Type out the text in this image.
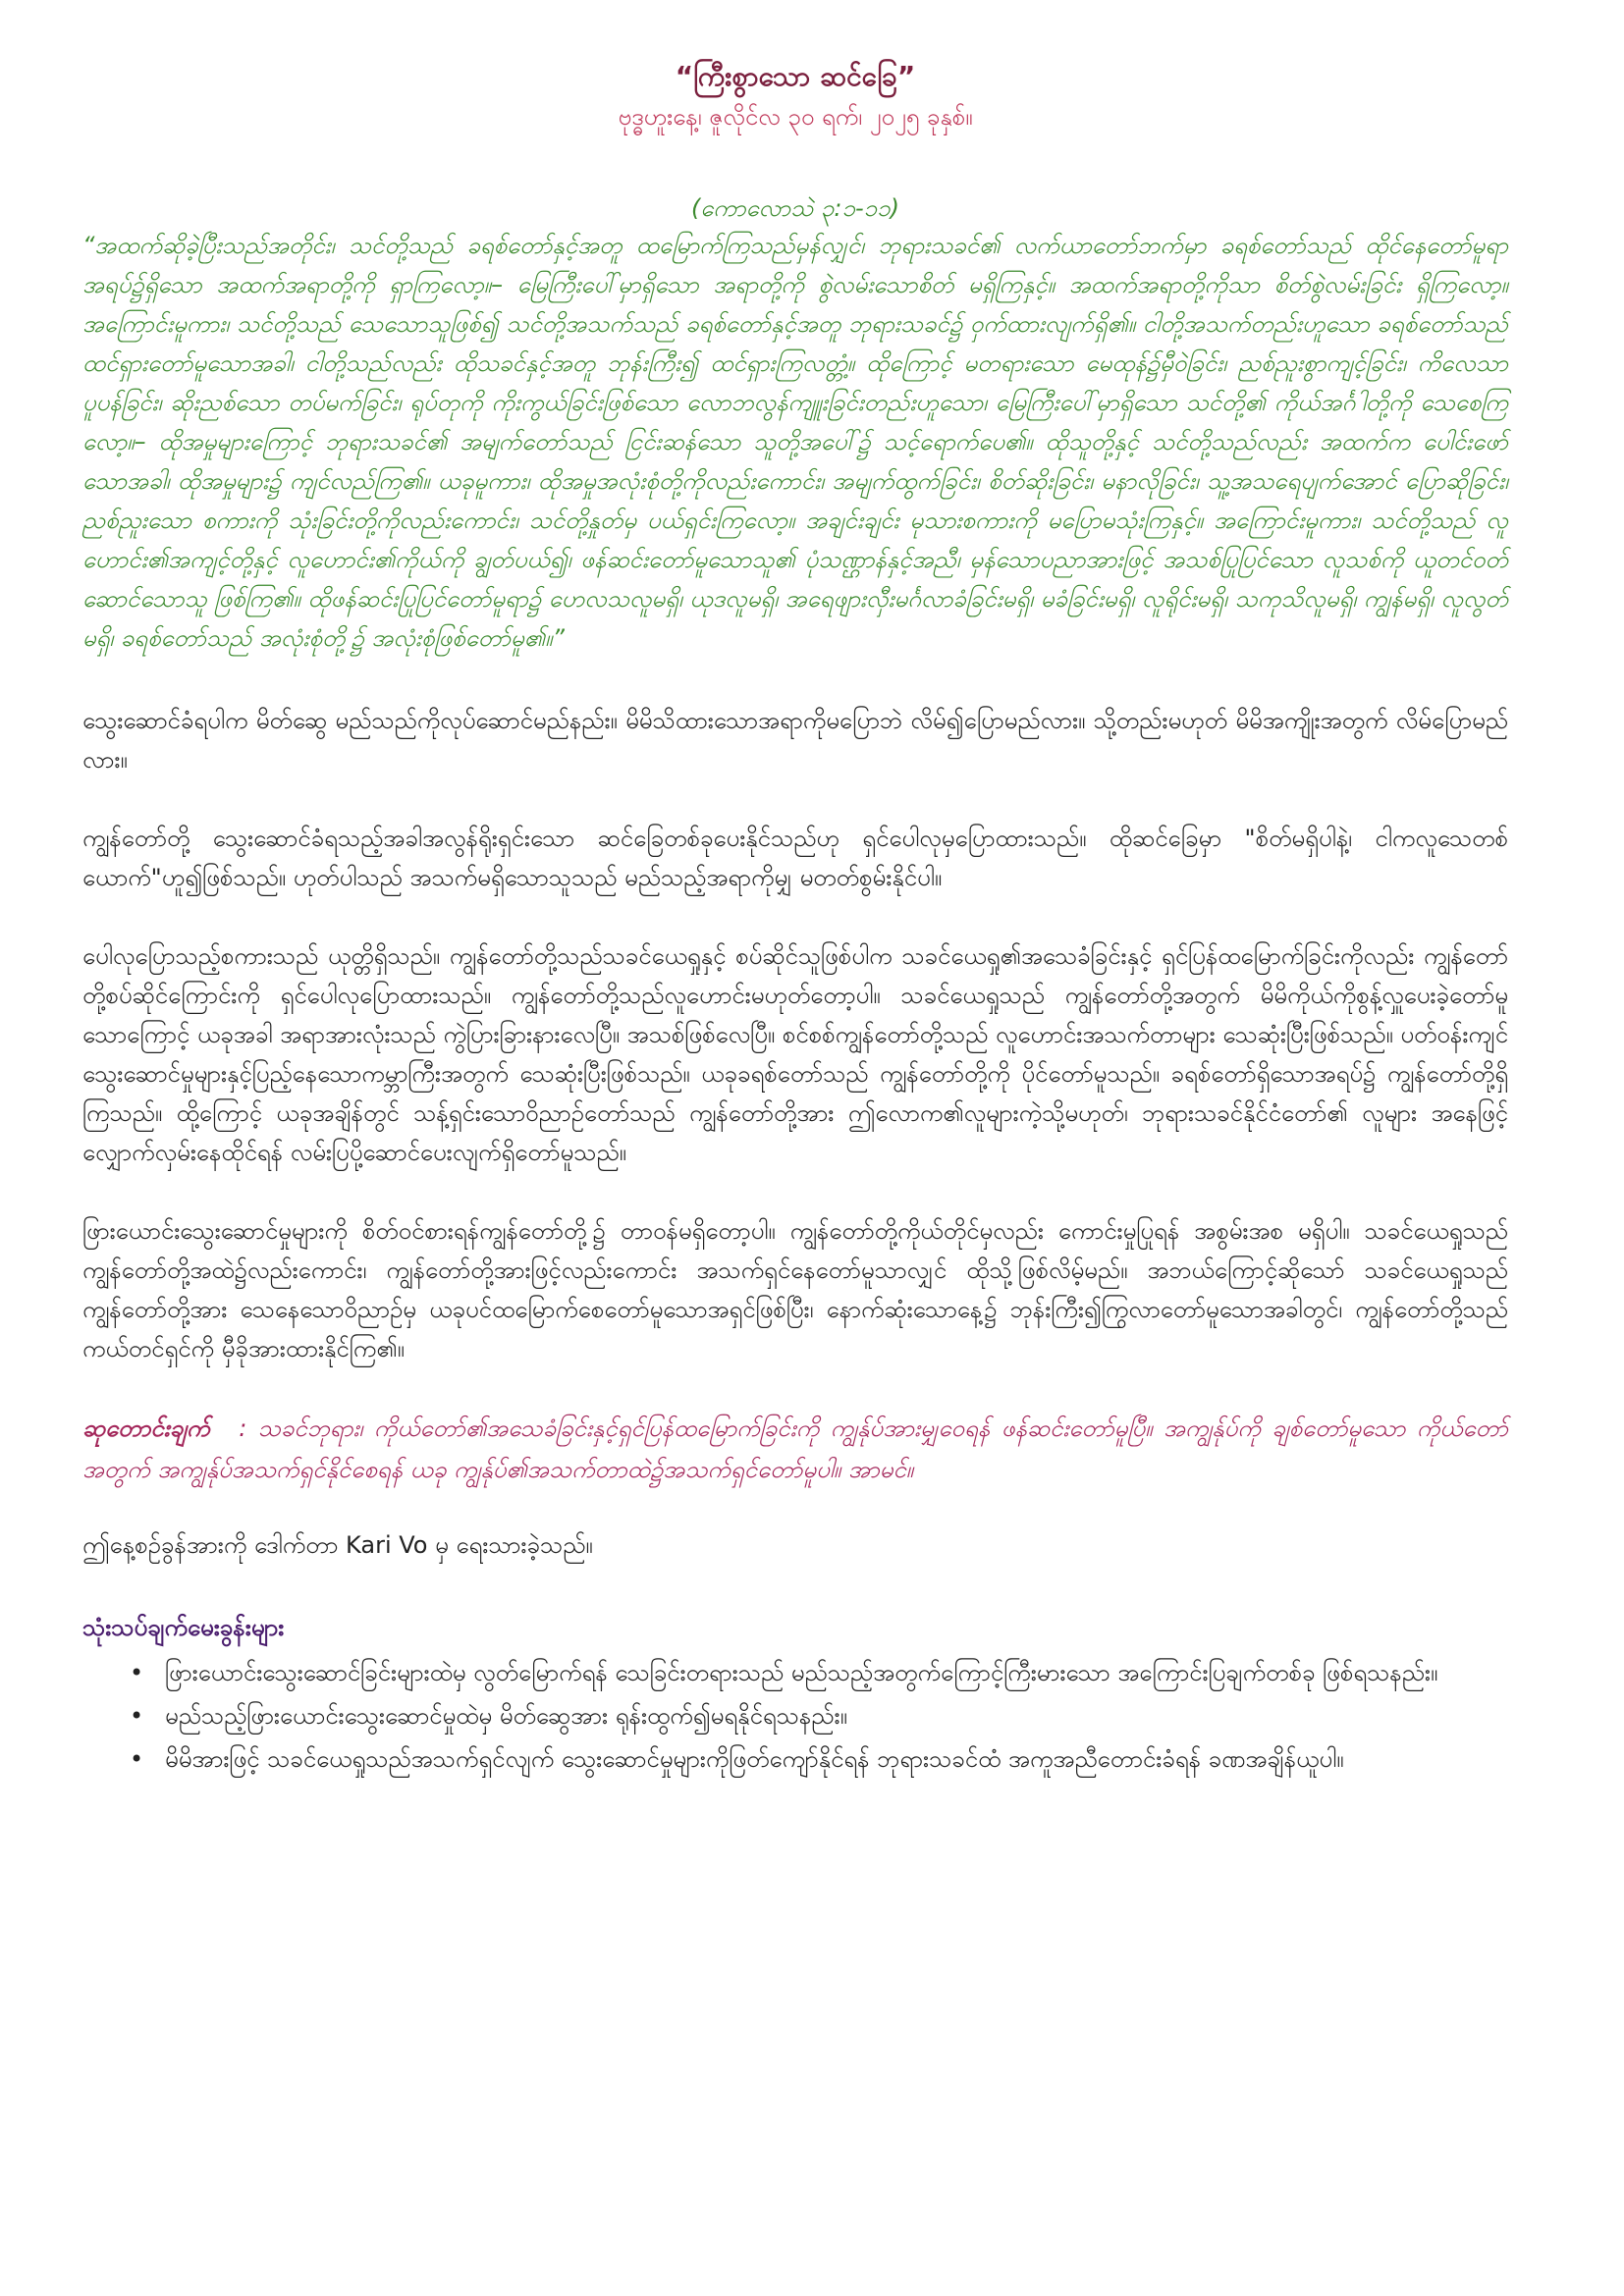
“ကြီးစွာသော ဆင်ခြေ”

ဗုဒ္ဓဟူးနေ့၊ ဇူလိုင်လ ၃၀ ရက်၊ ၂၀၂၅ ခုနှစ်။

(ကောလောသဲ ၃:၁-၁၁)

“အထက်ဆိုခဲ့ပြီးသည်အတိုင်း၊ သင်တို့သည် ခရစ်တော်နှင့်အတူ ထမြောက်ကြသည်မှန်လျှင်၊ ဘုရားသခင်၏ လက်ယာတော်ဘက်မှာ ခရစ်တော်သည် ထိုင်နေတော်မူရာအရပ်၌ရှိသော အထက်အရာတို့ကို ရှာကြလော့။– မြေကြီးပေါ်မှာရှိသော အရာတို့ကို စွဲလမ်းသောစိတ် မရှိကြနှင့်။ အထက်အရာတို့ကိုသာ စိတ်စွဲလမ်းခြင်း ရှိကြလော့။ အကြောင်းမူကား၊ သင်တို့သည် သေသောသူဖြစ်၍ သင်တို့အသက်သည် ခရစ်တော်နှင့်အတူ ဘုရားသခင်၌ ဝှက်ထားလျက်ရှိ၏။ ငါတို့အသက်တည်းဟူသော ခရစ်တော်သည် ထင်ရှားတော်မူသောအခါ၊ ငါတို့သည်လည်း ထိုသခင်နှင့်အတူ ဘုန်းကြီး၍ ထင်ရှားကြလတ္တံ့။ ထိုကြောင့် မတရားသော မေထုန်၌မှီဝဲခြင်း၊ ညစ်ညူးစွာကျင့်ခြင်း၊ ကိလေသာပူပန်ခြင်း၊ ဆိုးညစ်သော တပ်မက်ခြင်း၊ ရုပ်တုကို ကိုးကွယ်ခြင်းဖြစ်သော လောဘလွန်ကျူးခြင်းတည်းဟူသော၊ မြေကြီးပေါ်မှာရှိသော သင်တို့၏ ကိုယ်အင်္ဂါတို့ကို သေစေကြလော့။– ထိုအမှုများကြောင့် ဘုရားသခင်၏ အမျက်တော်သည် ငြင်းဆန်သော သူတို့အပေါ်၌ သင့်ရောက်ပေ၏။ ထိုသူတို့နှင့် သင်တို့သည်လည်း အထက်က ပေါင်းဖော်သောအခါ၊ ထိုအမှုများ၌ ကျင်လည်ကြ၏။ ယခုမူကား၊ ထိုအမှုအလုံးစုံတို့ကိုလည်းကောင်း၊ အမျက်ထွက်ခြင်း၊ စိတ်ဆိုးခြင်း၊ မနာလိုခြင်း၊ သူ့အသရေပျက်အောင် ပြောဆိုခြင်း၊ ညစ်ညူးသော စကားကို သုံးခြင်းတို့ကိုလည်းကောင်း၊ သင်တို့နှုတ်မှ ပယ်ရှင်းကြလော့။ အချင်းချင်း မုသားစကားကို မပြောမသုံးကြနှင့်။ အကြောင်းမူကား၊ သင်တို့သည် လူဟောင်း၏အကျင့်တို့နှင့် လူဟောင်း၏ကိုယ်ကို ချွတ်ပယ်၍၊ ဖန်ဆင်းတော်မူသောသူ၏ ပုံသဏ္ဌာန်နှင့်အညီ၊ မှန်သောပညာအားဖြင့် အသစ်ပြုပြင်သော လူသစ်ကို ယူတင်ဝတ်ဆောင်သောသူ ဖြစ်ကြ၏။ ထိုဖန်ဆင်းပြုပြင်တော်မူရာ၌ ဟေလသလူမရှိ၊ ယုဒလူမရှိ၊ အရေဖျားလှီးမင်္ဂလာခံခြင်းမရှိ၊ မခံခြင်းမရှိ၊ လူရိုင်းမရှိ၊ သကုသိလူမရှိ၊ ကျွန်မရှိ၊ လူလွတ်မရှိ၊ ခရစ်တော်သည် အလုံးစုံတို့၌ အလုံးစုံဖြစ်တော်မူ၏။”

သွေးဆောင်ခံရပါက မိတ်ဆွေ မည်သည်ကိုလုပ်ဆောင်မည်နည်း။ မိမိသိထားသောအရာကိုမပြောဘဲ လိမ်၍ပြောမည်လား။ သို့တည်းမဟုတ် မိမိအကျိုးအတွက် လိမ်ပြောမည်လား။

ကျွန်တော်တို့ သွေးဆောင်ခံရသည့်အခါအလွန်ရိုးရှင်းသော ဆင်ခြေတစ်ခုပေးနိုင်သည်ဟု ရှင်ပေါလုမှပြောထားသည်။ ထိုဆင်ခြေမှာ "စိတ်မရှိပါနဲ့၊ ငါကလူသေတစ်ယောက်"ဟူ၍ဖြစ်သည်။ ဟုတ်ပါသည် အသက်မရှိသောသူသည် မည်သည့်အရာကိုမျှ မတတ်စွမ်းနိုင်ပါ။

ပေါလုပြောသည့်စကားသည် ယုတ္တိရှိသည်။ ကျွန်တော်တို့သည်သခင်ယေရှုနှင့် စပ်ဆိုင်သူဖြစ်ပါက သခင်ယေရှု၏အသေခံခြင်းနှင့် ရှင်ပြန်ထမြောက်ခြင်းကိုလည်း ကျွန်တော်တို့စပ်ဆိုင်ကြောင်းကို ရှင်ပေါလုပြောထားသည်။ ကျွန်တော်တို့သည်လူဟောင်းမဟုတ်တော့ပါ။ သခင်ယေရှုသည် ကျွန်တော်တို့အတွက် မိမိကိုယ်ကိုစွန့်လှူပေးခဲ့တော်မူသောကြောင့် ယခုအခါ အရာအားလုံးသည် ကွဲပြားခြားနားလေပြီ။ အသစ်ဖြစ်လေပြီ။ စင်စစ်ကျွန်တော်တို့သည် လူဟောင်းအသက်တာများ သေဆုံးပြီးဖြစ်သည်။ ပတ်ဝန်းကျင်သွေးဆောင်မှုများနှင့်ပြည့်နေသောကမ္ဘာကြီးအတွက် သေဆုံးပြီးဖြစ်သည်။ ယခုခရစ်တော်သည် ကျွန်တော်တို့ကို ပိုင်တော်မူသည်။ ခရစ်တော်ရှိသောအရပ်၌ ကျွန်တော်တို့ရှိကြသည်။ ထို့ကြောင့် ယခုအချိန်တွင် သန့်ရှင်းသောဝိညာဉ်တော်သည် ကျွန်တော်တို့အား ဤလောက၏လူများကဲ့သို့မဟုတ်၊ ဘုရားသခင်နိုင်ငံတော်၏ လူများ အနေဖြင့်လျှောက်လှမ်းနေထိုင်ရန် လမ်းပြပို့ဆောင်ပေးလျက်ရှိတော်မူသည်။

ဖြားယောင်းသွေးဆောင်မှုများကို စိတ်ဝင်စားရန်ကျွန်တော်တို့၌ တာဝန်မရှိတော့ပါ။ ကျွန်တော်တို့ကိုယ်တိုင်မှလည်း ကောင်းမှုပြုရန် အစွမ်းအစ မရှိပါ။ သခင်ယေရှုသည် ကျွန်တော်တို့အထဲ၌လည်းကောင်း၊ ကျွန်တော်တို့အားဖြင့်လည်းကောင်း အသက်ရှင်နေတော်မူသာလျှင် ထိုသို့ဖြစ်လိမ့်မည်။ အဘယ်ကြောင့်ဆိုသော် သခင်ယေရှုသည်ကျွန်တော်တို့အား သေနေသောဝိညာဉ်မှ ယခုပင်ထမြောက်စေတော်မူသောအရှင်ဖြစ်ပြီး၊ နောက်ဆုံးသောနေ့၌ ဘုန်းကြီး၍ကြွလာတော်မူသောအခါတွင်၊ ကျွန်တော်တို့သည် ကယ်တင်ရှင်ကို မှီခိုအားထားနိုင်ကြ၏။

ဆုတောင်းချက် : သခင်ဘုရား၊ ကိုယ်တော်၏အသေခံခြင်းနှင့်ရှင်ပြန်ထမြောက်ခြင်းကို ကျွန်ုပ်အားမျှဝေရန် ဖန်ဆင်းတော်မူပြီ။ အကျွန်ုပ်ကို ချစ်တော်မူသော ကိုယ်တော်အတွက် အကျွန်ုပ်အသက်ရှင်နိုင်စေရန် ယခု ကျွန်ုပ်၏အသက်တာထဲ၌အသက်ရှင်တော်မူပါ။ အာမင်။

ဤနေ့စဉ်ခွန်အားကို ဒေါက်တာ Kari Vo မှ ရေးသားခဲ့သည်။

သုံးသပ်ချက်မေးခွန်းများ

• ဖြားယောင်းသွေးဆောင်ခြင်းများထဲမှ လွတ်မြောက်ရန် သေခြင်းတရားသည် မည်သည့်အတွက်ကြောင့်ကြီးမားသော အကြောင်းပြချက်တစ်ခု ဖြစ်ရသနည်း။
• မည်သည့်ဖြားယောင်းသွေးဆောင်မှုထဲမှ မိတ်ဆွေအား ရုန်းထွက်၍မရနိုင်ရသနည်း။
• မိမိအားဖြင့် သခင်ယေရှုသည်အသက်ရှင်လျက် သွေးဆောင်မှုများကိုဖြတ်ကျော်နိုင်ရန် ဘုရားသခင်ထံ အကူအညီတောင်းခံရန် ခဏအချိန်ယူပါ။
